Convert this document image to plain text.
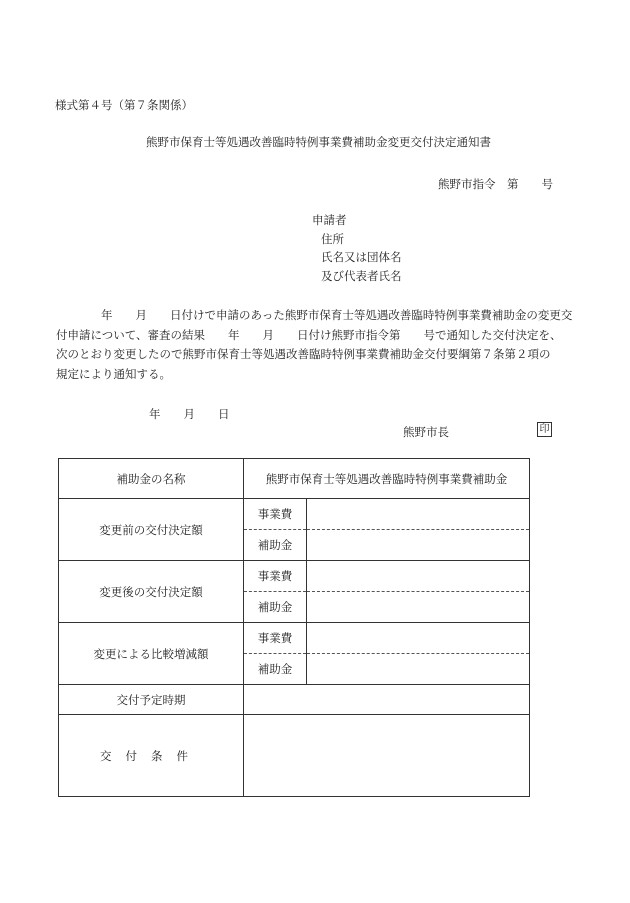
様式第４号（第７条関係）
熊野市保育士等処遇改善臨時特例事業費補助金変更交付決定通知書
熊野市指令　第　　号
申請者
住所
氏名又は団体名
及び代表者氏名

　　年　　月　　日付けで申請のあった熊野市保育士等処遇改善臨時特例事業費補助金の変更交

付申請について、審査の結果　　年　　月　　日付け熊野市指令第　　号で通知した交付決定を、

次のとおり変更したので熊野市保育士等処遇改善臨時特例事業費補助金交付要綱第７条第２項の

規定により通知する。

年　　月　　日
熊野市長	印
補助金の名称	熊野市保育士等処遇改善臨時特例事業費補助金	
変更前の交付決定額	事業費	
	補助金	
変更後の交付決定額	事業費	
	補助金	
変更による比較増減額	事業費	
	補助金	
交付予定時期		
交付条件		
